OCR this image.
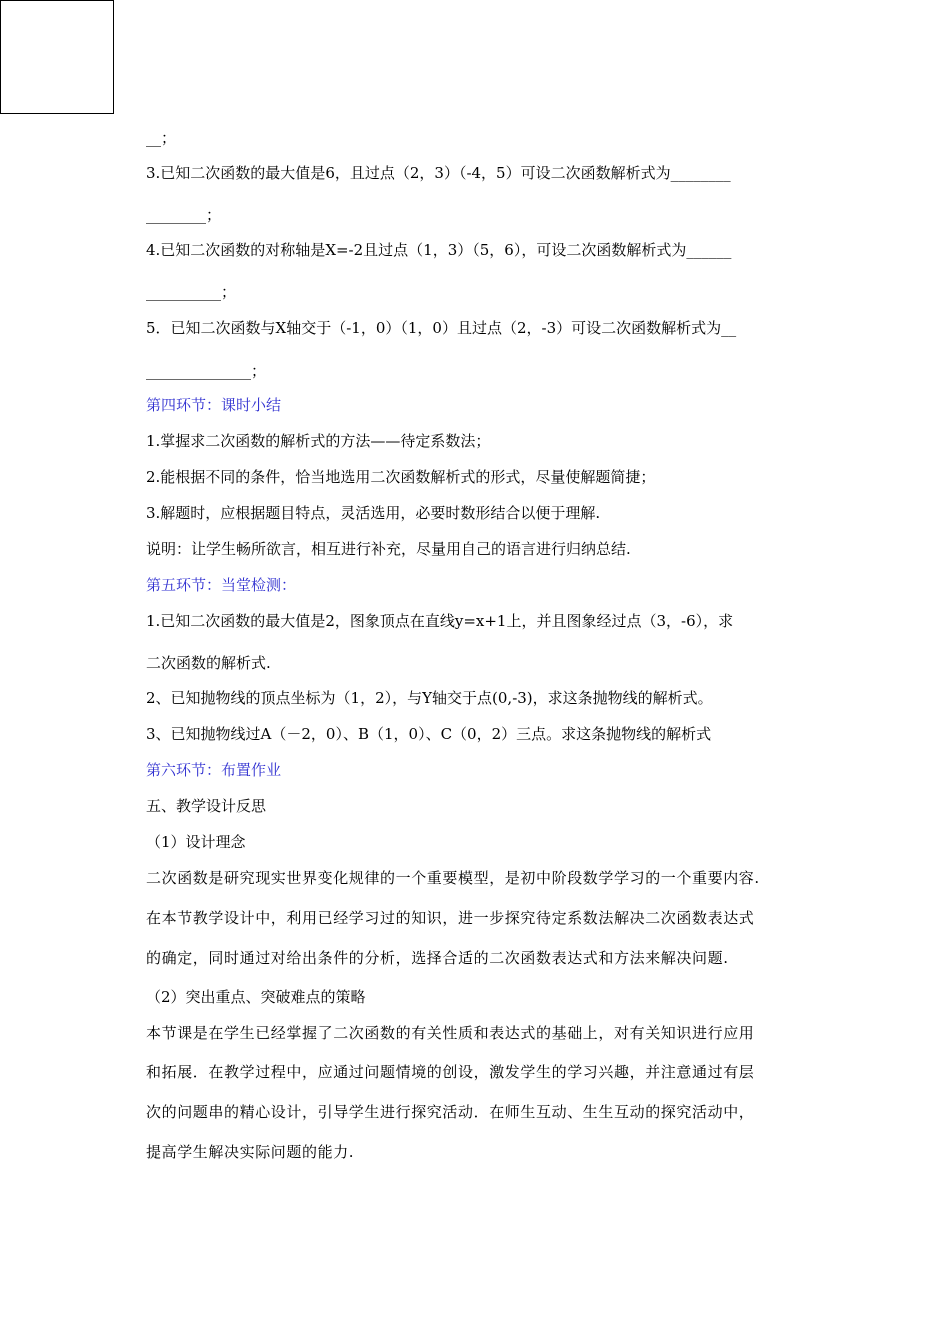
__；
3.已知二次函数的最大值是6，且过点（2，3）（-4，5）可设二次函数解析式为________
________；
4.已知二次函数的对称轴是X=-2且过点（1，3）（5，6），可设二次函数解析式为______
__________；
5．已知二次函数与X轴交于（-1，0）（1，0）且过点（2，-3）可设二次函数解析式为__
______________；
第四环节：课时小结
1.掌握求二次函数的解析式的方法——待定系数法；
2.能根据不同的条件，恰当地选用二次函数解析式的形式，尽量使解题简捷；
3.解题时，应根据题目特点，灵活选用，必要时数形结合以便于理解.
说明：让学生畅所欲言，相互进行补充，尽量用自己的语言进行归纳总结.
第五环节：当堂检测：
1.已知二次函数的最大值是2，图象顶点在直线y=x+1上，并且图象经过点（3，-6），求
二次函数的解析式.
2、已知抛物线的顶点坐标为（1，2），与Y轴交于点(0,-3)，求这条抛物线的解析式。
3、已知抛物线过A（－2，0）、B（1，0）、C（0，2）三点。求这条抛物线的解析式
第六环节：布置作业
五、教学设计反思
（1）设计理念
二次函数是研究现实世界变化规律的一个重要模型，是初中阶段数学学习的一个重要内容.
在本节教学设计中，利用已经学习过的知识，进一步探究待定系数法解决二次函数表达式
的确定，同时通过对给出条件的分析，选择合适的二次函数表达式和方法来解决问题.
（2）突出重点、突破难点的策略
本节课是在学生已经掌握了二次函数的有关性质和表达式的基础上，对有关知识进行应用
和拓展．在教学过程中，应通过问题情境的创设，激发学生的学习兴趣，并注意通过有层
次的问题串的精心设计，引导学生进行探究活动．在师生互动、生生互动的探究活动中，
提高学生解决实际问题的能力.
